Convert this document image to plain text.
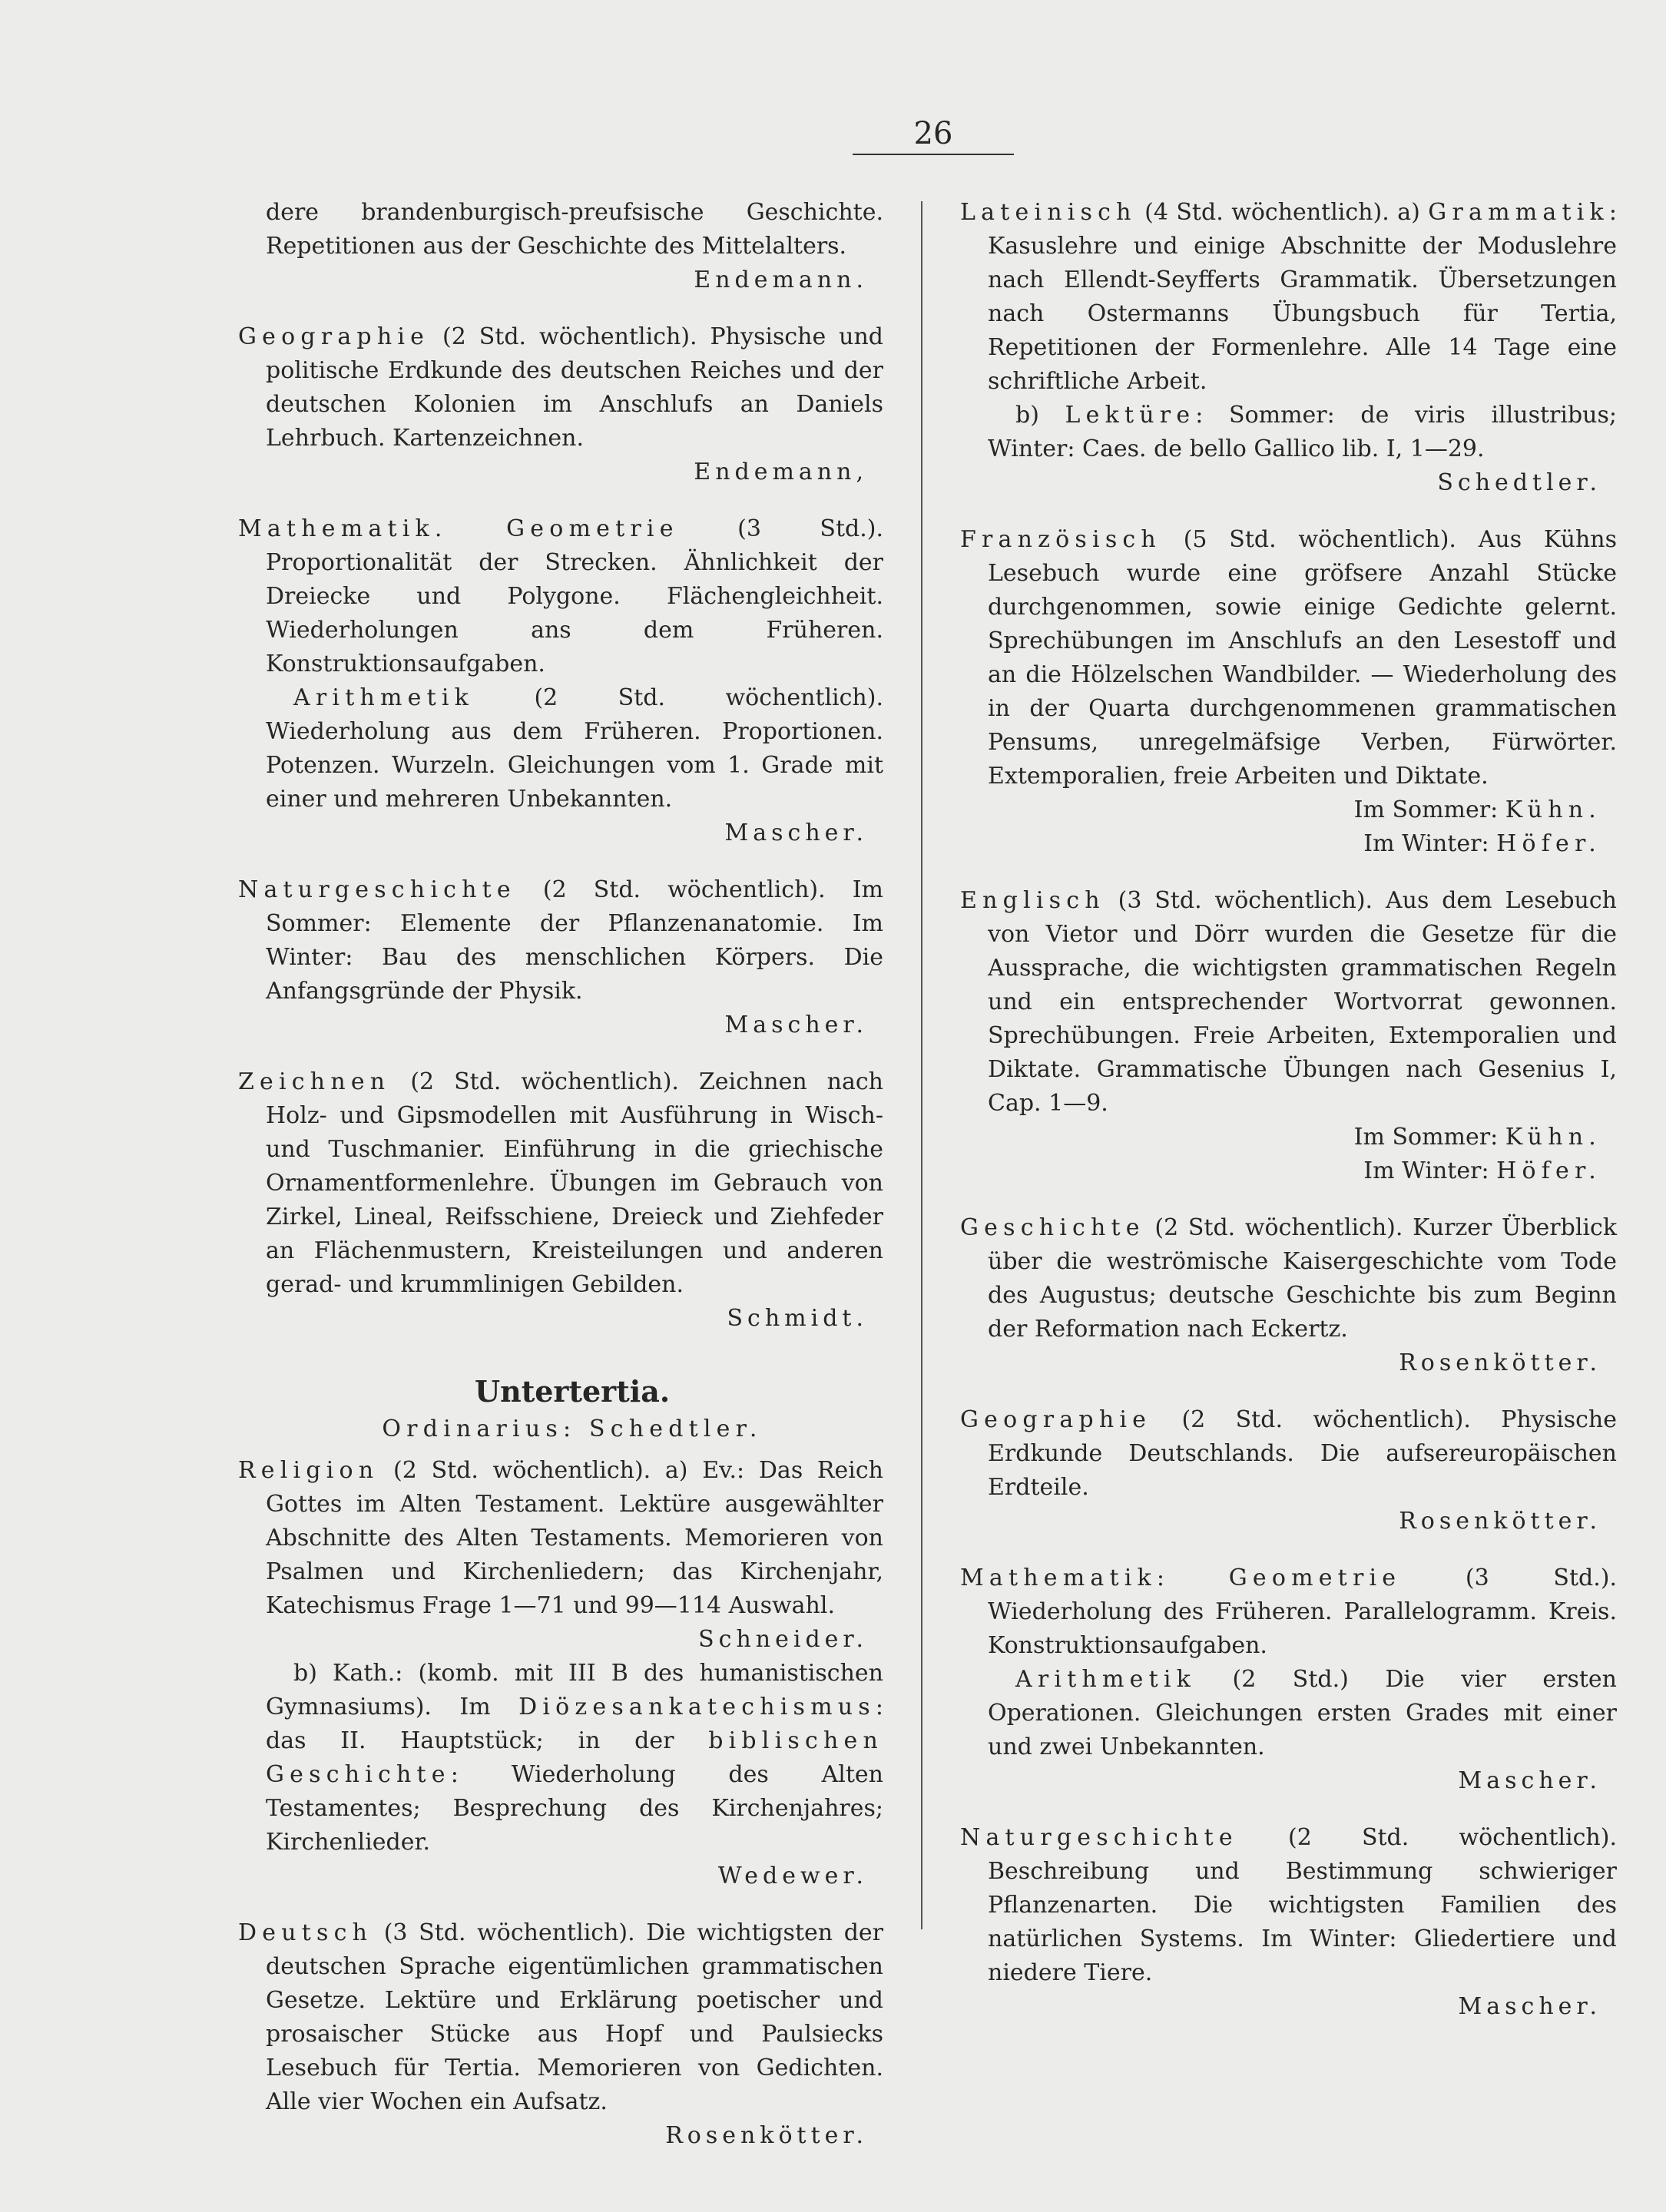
26

dere brandenburgisch-preufsische Geschichte. Repetitionen aus der Geschichte des Mittelalters.

Endemann.

Geographie (2 Std. wöchentlich). Physische und politische Erdkunde des deutschen Reiches und der deutschen Kolonien im Anschlufs an Daniels Lehrbuch. Kartenzeichnen.

Endemann,

Mathematik.	Geometrie (3 Std.). Proportionalität der Strecken. Ähnlichkeit der Dreiecke und Polygone. Flächengleichheit. Wiederholungen ans dem Früheren. Konstruktionsaufgaben.

Arithmetik (2 Std. wöchentlich). Wiederholung aus dem Früheren. Proportionen. Potenzen. Wurzeln. Gleichungen vom 1. Grade mit einer und mehreren Unbekannten.

Mascher.

Naturgeschichte (2 Std. wöchentlich). Im Sommer: Elemente der Pflanzenanatomie. Im Winter: Bau des menschlichen Körpers. Die Anfangsgründe der Physik.

Mascher.

Zeichnen (2 Std. wöchentlich). Zeichnen nach Holz- und Gipsmodellen mit Ausführung in Wisch- und Tuschmanier. Einführung in die griechische Ornamentformenlehre. Übungen im Gebrauch von Zirkel, Lineal, Reifsschiene, Dreieck und Ziehfeder an Flächenmustern, Kreisteilungen und anderen gerad- und krummlinigen Gebilden.

Schmidt.
Untertertia.
Ordinarius: Schedtler.

Religion (2 Std. wöchentlich). a) Ev.: Das Reich Gottes im Alten Testament. Lektüre ausgewählter Abschnitte des Alten Testaments. Memorieren von Psalmen und Kirchenliedern; das Kirchenjahr, Katechismus Frage 1—71 und 99—114 Auswahl.

Schneider.

b) Kath.: (komb. mit III B des humanistischen Gymnasiums). Im Diözesankatechismus: das II. Hauptstück; in der biblischen Geschichte: Wiederholung des Alten Testamentes; Besprechung des Kirchenjahres; Kirchenlieder.

Wedewer.

Deutsch (3 Std. wöchentlich). Die wichtigsten der deutschen Sprache eigentümlichen grammatischen Gesetze. Lektüre und Erklärung poetischer und prosaischer Stücke aus Hopf und Paulsiecks Lesebuch für Tertia. Memorieren von Gedichten. Alle vier Wochen ein Aufsatz.

Rosenkötter.

Lateinisch (4 Std. wöchentlich). a) Grammatik: Kasuslehre und einige Abschnitte der Moduslehre nach Ellendt-Seyfferts Grammatik. Übersetzungen nach Ostermanns Übungsbuch für Tertia, Repetitionen der Formenlehre. Alle 14 Tage eine schriftliche Arbeit.

b) Lektüre: Sommer: de viris illustribus; Winter: Caes. de bello Gallico lib. I, 1—29.

Schedtler.

Französisch (5 Std. wöchentlich). Aus Kühns Lesebuch wurde eine gröfsere Anzahl Stücke durchgenommen, sowie einige Gedichte gelernt. Sprechübungen im Anschlufs an den Lesestoff und an die Hölzelschen Wandbilder. — Wiederholung des in der Quarta durchgenommenen grammatischen Pensums, unregelmäfsige Verben, Fürwörter. Extemporalien, freie Arbeiten und Diktate.

Im Sommer: Kühn.
Im Winter: Höfer.

Englisch (3 Std. wöchentlich). Aus dem Lesebuch von Vietor und Dörr wurden die Gesetze für die Aussprache, die wichtigsten grammatischen Regeln und ein entsprechender Wortvorrat gewonnen. Sprechübungen. Freie Arbeiten, Extemporalien und Diktate. Grammatische Übungen nach Gesenius I, Cap. 1—9.

Im Sommer: Kühn.
Im Winter: Höfer.

Geschichte (2 Std. wöchentlich). Kurzer Überblick über die weströmische Kaisergeschichte vom Tode des Augustus; deutsche Geschichte bis zum Beginn der Reformation nach Eckertz.

Rosenkötter.

Geographie (2 Std. wöchentlich). Physische Erdkunde Deutschlands. Die aufsereuropäischen Erdteile.

Rosenkötter.

Mathematik: Geometrie (3 Std.). Wiederholung des Früheren. Parallelogramm. Kreis. Konstruktionsaufgaben.

Arithmetik (2 Std.) Die vier ersten Operationen. Gleichungen ersten Grades mit einer und zwei Unbekannten.

Mascher.

Naturgeschichte (2 Std. wöchentlich). Beschreibung und Bestimmung schwieriger Pflanzenarten. Die wichtigsten Familien des natürlichen Systems. Im Winter: Gliedertiere und niedere Tiere.

Mascher.
